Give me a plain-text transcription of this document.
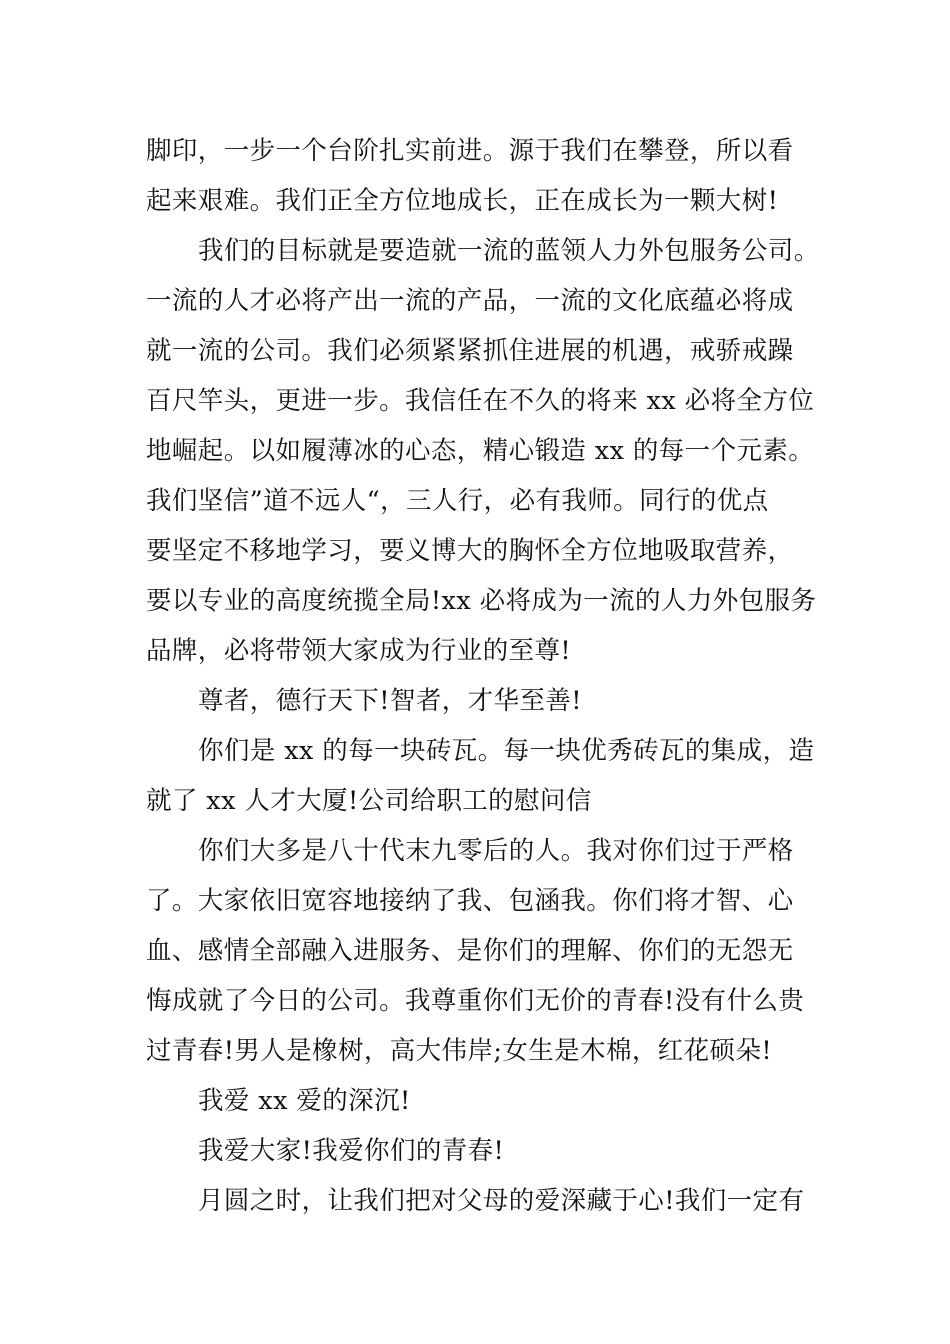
脚印，一步一个台阶扎实前进。源于我们在攀登，所以看
起来艰难。我们正全方位地成长，正在成长为一颗大树!
我们的目标就是要造就一流的蓝领人力外包服务公司。
一流的人才必将产出一流的产品，一流的文化底蕴必将成
就一流的公司。我们必须紧紧抓住进展的机遇，戒骄戒躁
百尺竿头，更进一步。我信任在不久的将来 xx 必将全方位
地崛起。以如履薄冰的心态，精心锻造 xx 的每一个元素。
我们坚信”道不远人“，三人行，必有我师。同行的优点
要坚定不移地学习，要义博大的胸怀全方位地吸取营养，
要以专业的高度统揽全局!xx 必将成为一流的人力外包服务
品牌，必将带领大家成为行业的至尊!
尊者，德行天下!智者，才华至善!
你们是 xx 的每一块砖瓦。每一块优秀砖瓦的集成，造
就了 xx 人才大厦!公司给职工的慰问信
你们大多是八十代末九零后的人。我对你们过于严格
了。大家依旧宽容地接纳了我、包涵我。你们将才智、心
血、感情全部融入进服务、是你们的理解、你们的无怨无
悔成就了今日的公司。我尊重你们无价的青春!没有什么贵
过青春!男人是橡树，高大伟岸;女生是木棉，红花硕朵!
我爱 xx 爱的深沉!
我爱大家!我爱你们的青春!
月圆之时，让我们把对父母的爱深藏于心!我们一定有
